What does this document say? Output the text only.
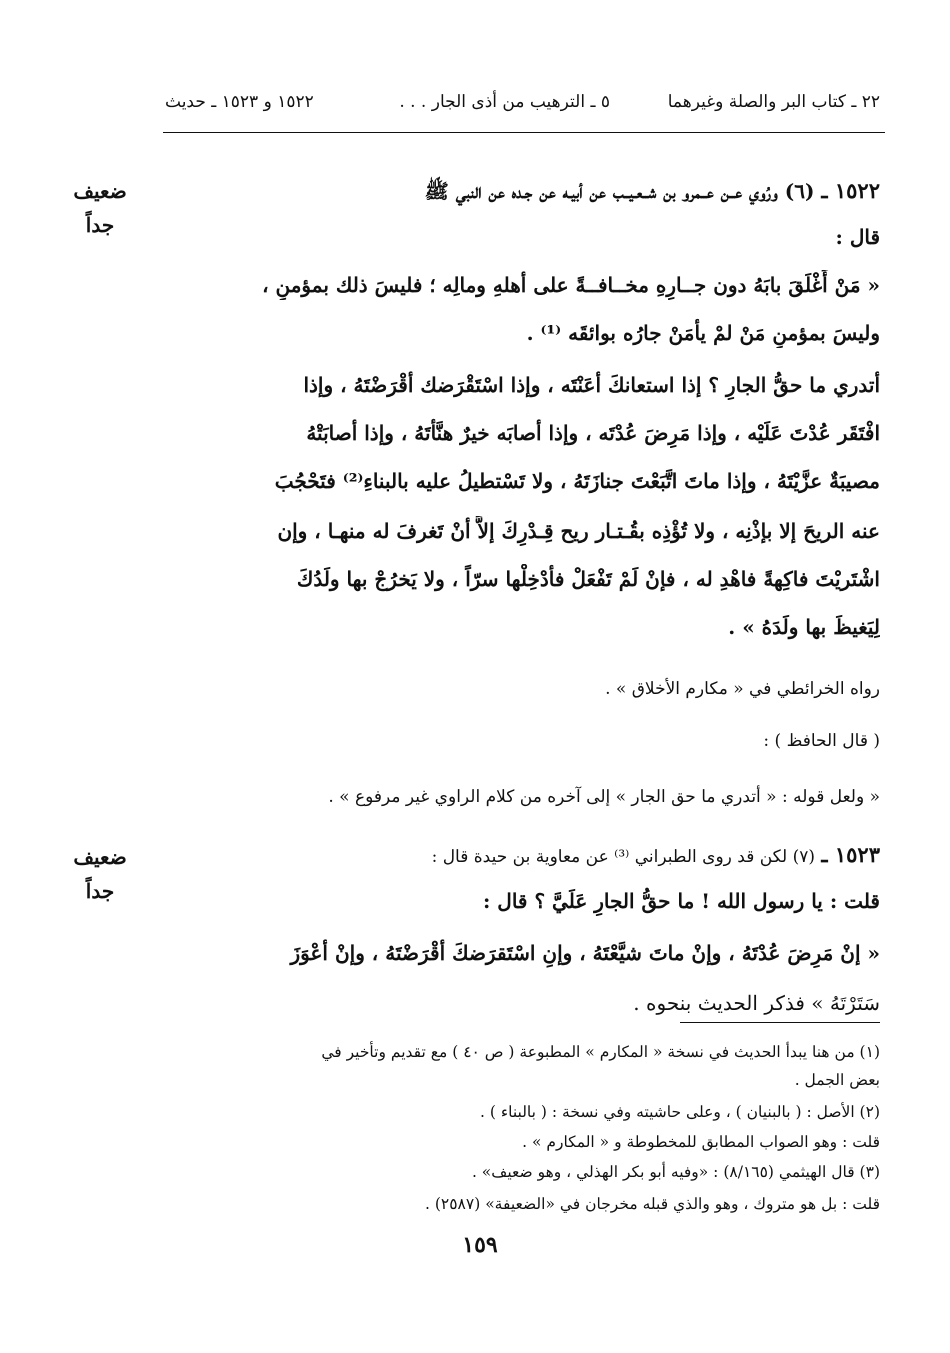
٢٢ ـ كتاب البر والصلة وغيرهما
٥ ـ الترهيب من أذى الجار . . .
١٥٢٢ و ١٥٢٣ ـ حديث
ضعيف
جداً
ضعيف
جداً
١٥٢٢ ـ (٦) ورُوي عــن عــمرو بن شــعـيــب عن أبيـه عن جـده عن النبي ﷺ
قال :
« مَنْ أَغْلَقَ بابَهُ دون جــارِهِ مخــافــةً على أهلهِ ومالِه ؛ فليسَ ذلك بمؤمنٍ ،
وليسَ بمؤمنٍ مَنْ لمْ يأمَنْ جارُه بوائقَه ⁽¹⁾ .
أتدري ما حقُّ الجارِ ؟ إذا استعانكَ أعَنْتَه ، وإذا اسْتَقْرَضك أقْرَضْتَهُ ، وإذا
افْتَقَر عُدْتَ عَلَيْه ، وإذا مَرِضَ عُدْتَه ، وإذا أصابَه خيرٌ هنَّأْتَهُ ، وإذا أصابَتْهُ
مصيبَةٌ عزَّيْتَهُ ، وإذا ماتَ اتَّبَعْتَ جنازَتَهُ ، ولا تَسْتطيلُ عليه بالبناءِ⁽²⁾ فتَحْجُبَ
عنه الريحَ إلا بإذْنِه ، ولا تُؤْذِه بقُـتـار ريح قِـدْرِكَ إلاَّ أنْ تَغرفَ له منهـا ، وإن
اشْتَريْتَ فاكِهةً فاهْدِ له ، فإنْ لَمْ تَفْعَلْ فأدْخِلْها سرّاً ، ولا يَخرُجْ بها ولَدُكَ
لِيَغيظَ بها ولَدَهُ » .
رواه الخرائطي في « مكارم الأخلاق » .
( قال الحافظ ) :
« ولعل قوله : « أتدري ما حق الجار » إلى آخره من كلام الراوي غير مرفوع » .
١٥٢٣ ـ (٧) لكن قد روى الطبراني ⁽³⁾ عن معاوية بن حيدة قال :
قلت : يا رسول الله ! ما حقُّ الجارِ عَلَيَّ ؟ قال :
« إنْ مَرِضَ عُدْتَهُ ، وإنْ ماتَ شيَّعْتَهُ ، وإنِ اسْتَقرَضكَ أقْرَضْتَهُ ، وإنْ أعْوَزَ
سَتَرْتَهُ » فذكر الحديث بنحوه .
(١) من هنا يبدأ الحديث في نسخة « المكارم » المطبوعة ( ص ٤٠ ) مع تقديم وتأخير في
بعض الجمل .
(٢) الأصل : ( بالبنيان ) ، وعلى حاشيته وفي نسخة : ( بالبناء ) .
قلت : وهو الصواب المطابق للمخطوطة و « المكارم » .
(٣) قال الهيثمي (٨/١٦٥) : «وفيه أبو بكر الهذلي ، وهو ضعيف» .
قلت : بل هو متروك ، وهو والذي قبله مخرجان في «الضعيفة» (٢٥٨٧) .
١٥٩
